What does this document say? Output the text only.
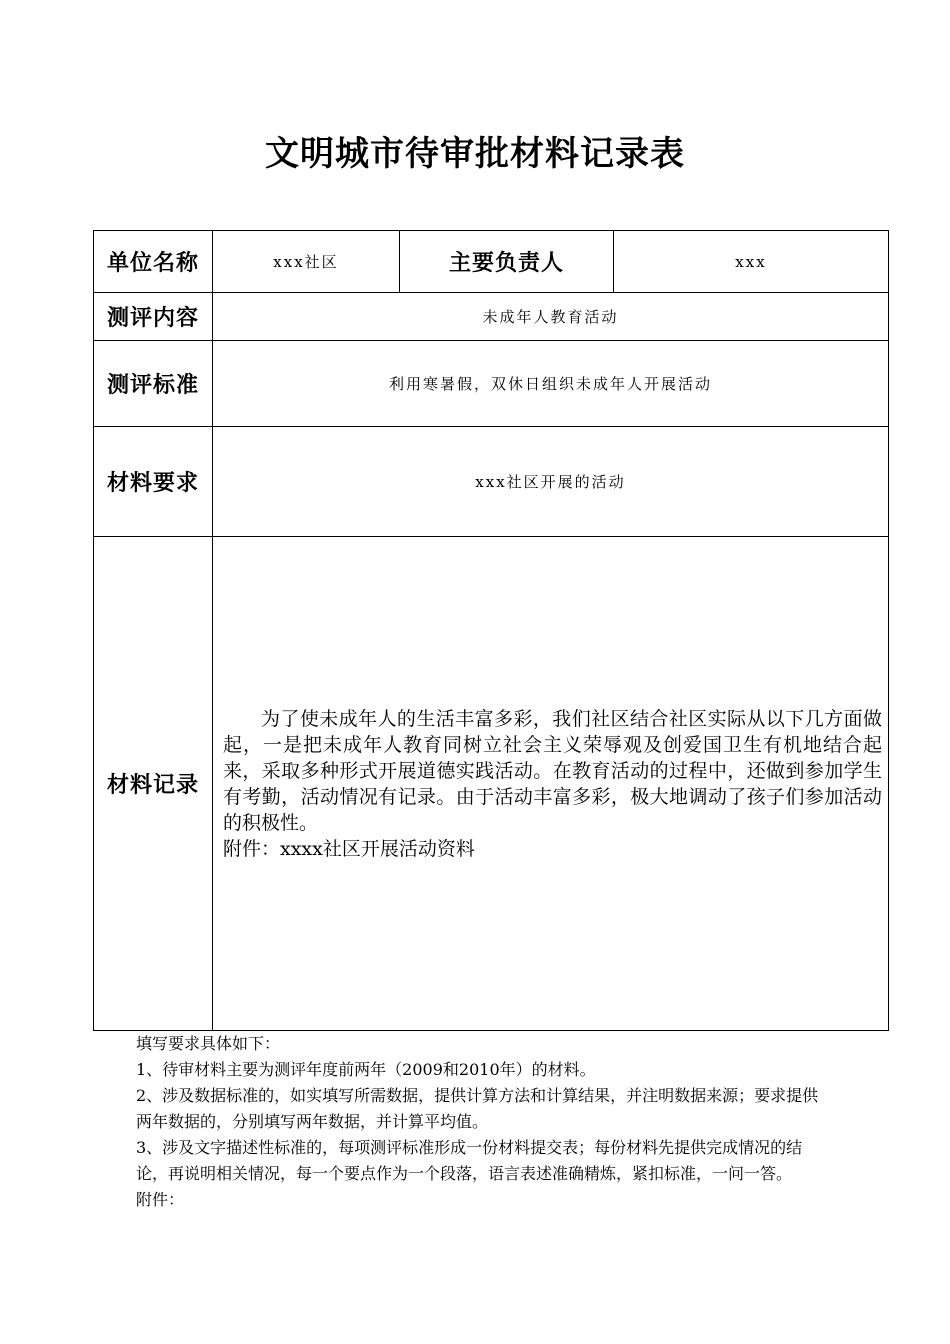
文明城市待审批材料记录表
单位名称	xxx社区	主要负责人	xxx
测评内容	未成年人教育活动		
测评标准	利用寒暑假，双休日组织未成年人开展活动		
材料要求	xxx社区开展的活动		
材料记录	为了使未成年人的生活丰富多彩，我们社区结合社区实际从以下几方面做起，一是把未成年人教育同树立社会主义荣辱观及创爱国卫生有机地结合起来，采取多种形式开展道德实践活动。在教育活动的过程中，还做到参加学生有考勤，活动情况有记录。由于活动丰富多彩，极大地调动了孩子们参加活动的积极性。

附件：xxxx社区开展活动资料		

填写要求具体如下：

1、待审材料主要为测评年度前两年（2009和2010年）的材料。

2、涉及数据标准的，如实填写所需数据，提供计算方法和计算结果，并注明数据来源；要求提供两年数据的，分别填写两年数据，并计算平均值。

3、涉及文字描述性标准的，每项测评标准形成一份材料提交表；每份材料先提供完成情况的结论，再说明相关情况，每一个要点作为一个段落，语言表述准确精炼，紧扣标准，一问一答。

附件：
